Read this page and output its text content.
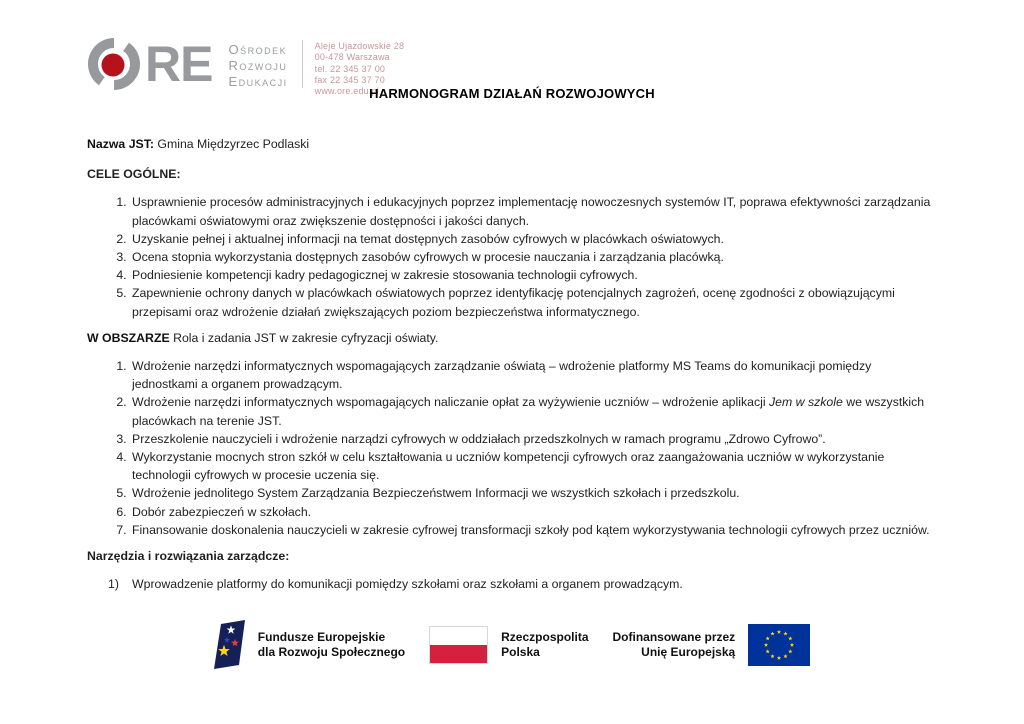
RE Ośrodek
Rozwoju
Edukacji
Aleje Ujazdowskie 28
00-478 Warszawa
tel. 22 345 37 00
fax 22 345 37 70
www.ore.edu.pl
HARMONOGRAM DZIAŁAŃ ROZWOJOWYCH

Nazwa JST: Gmina Międzyrzec Podlaski

CELE OGÓLNE:

1. Usprawnienie procesów administracyjnych i edukacyjnych poprzez implementację nowoczesnych systemów IT, poprawa efektywności zarządzania placówkami oświatowymi oraz zwiększenie dostępności i jakości danych.
2. Uzyskanie pełnej i aktualnej informacji na temat dostępnych zasobów cyfrowych w placówkach oświatowych.
3. Ocena stopnia wykorzystania dostępnych zasobów cyfrowych w procesie nauczania i zarządzania placówką.
4. Podniesienie kompetencji kadry pedagogicznej w zakresie stosowania technologii cyfrowych.
5. Zapewnienie ochrony danych w placówkach oświatowych poprzez identyfikację potencjalnych zagrożeń, ocenę zgodności z obowiązującymi przepisami oraz wdrożenie działań zwiększających poziom bezpieczeństwa informatycznego.

W OBSZARZE Rola i zadania JST w zakresie cyfryzacji oświaty.

1. Wdrożenie narzędzi informatycznych wspomagających zarządzanie oświatą – wdrożenie platformy MS Teams do komunikacji pomiędzy jednostkami a organem prowadzącym.
2. Wdrożenie narzędzi informatycznych wspomagających naliczanie opłat za wyżywienie uczniów – wdrożenie aplikacji Jem w szkole we wszystkich placówkach na terenie JST.
3. Przeszkolenie nauczycieli i wdrożenie narządzi cyfrowych w oddziałach przedszkolnych w ramach programu „Zdrowo Cyfrowo”.
4. Wykorzystanie mocnych stron szkół w celu kształtowania u uczniów kompetencji cyfrowych oraz zaangażowania uczniów w wykorzystanie technologii cyfrowych w procesie uczenia się.
5. Wdrożenie jednolitego System Zarządzania Bezpieczeństwem Informacji we wszystkich szkołach i przedszkolu.
6. Dobór zabezpieczeń w szkołach.
7. Finansowanie doskonalenia nauczycieli w zakresie cyfrowej transformacji szkoły pod kątem wykorzystywania technologii cyfrowych przez uczniów.

Narzędzia i rozwiązania zarządcze:

Wprowadzenie platformy do komunikacji pomiędzy szkołami oraz szkołami a organem prowadzącym.
Fundusze Europejskie
dla Rozwoju Społecznego
Rzeczpospolita
Polska
Dofinansowane przez
Unię Europejską
